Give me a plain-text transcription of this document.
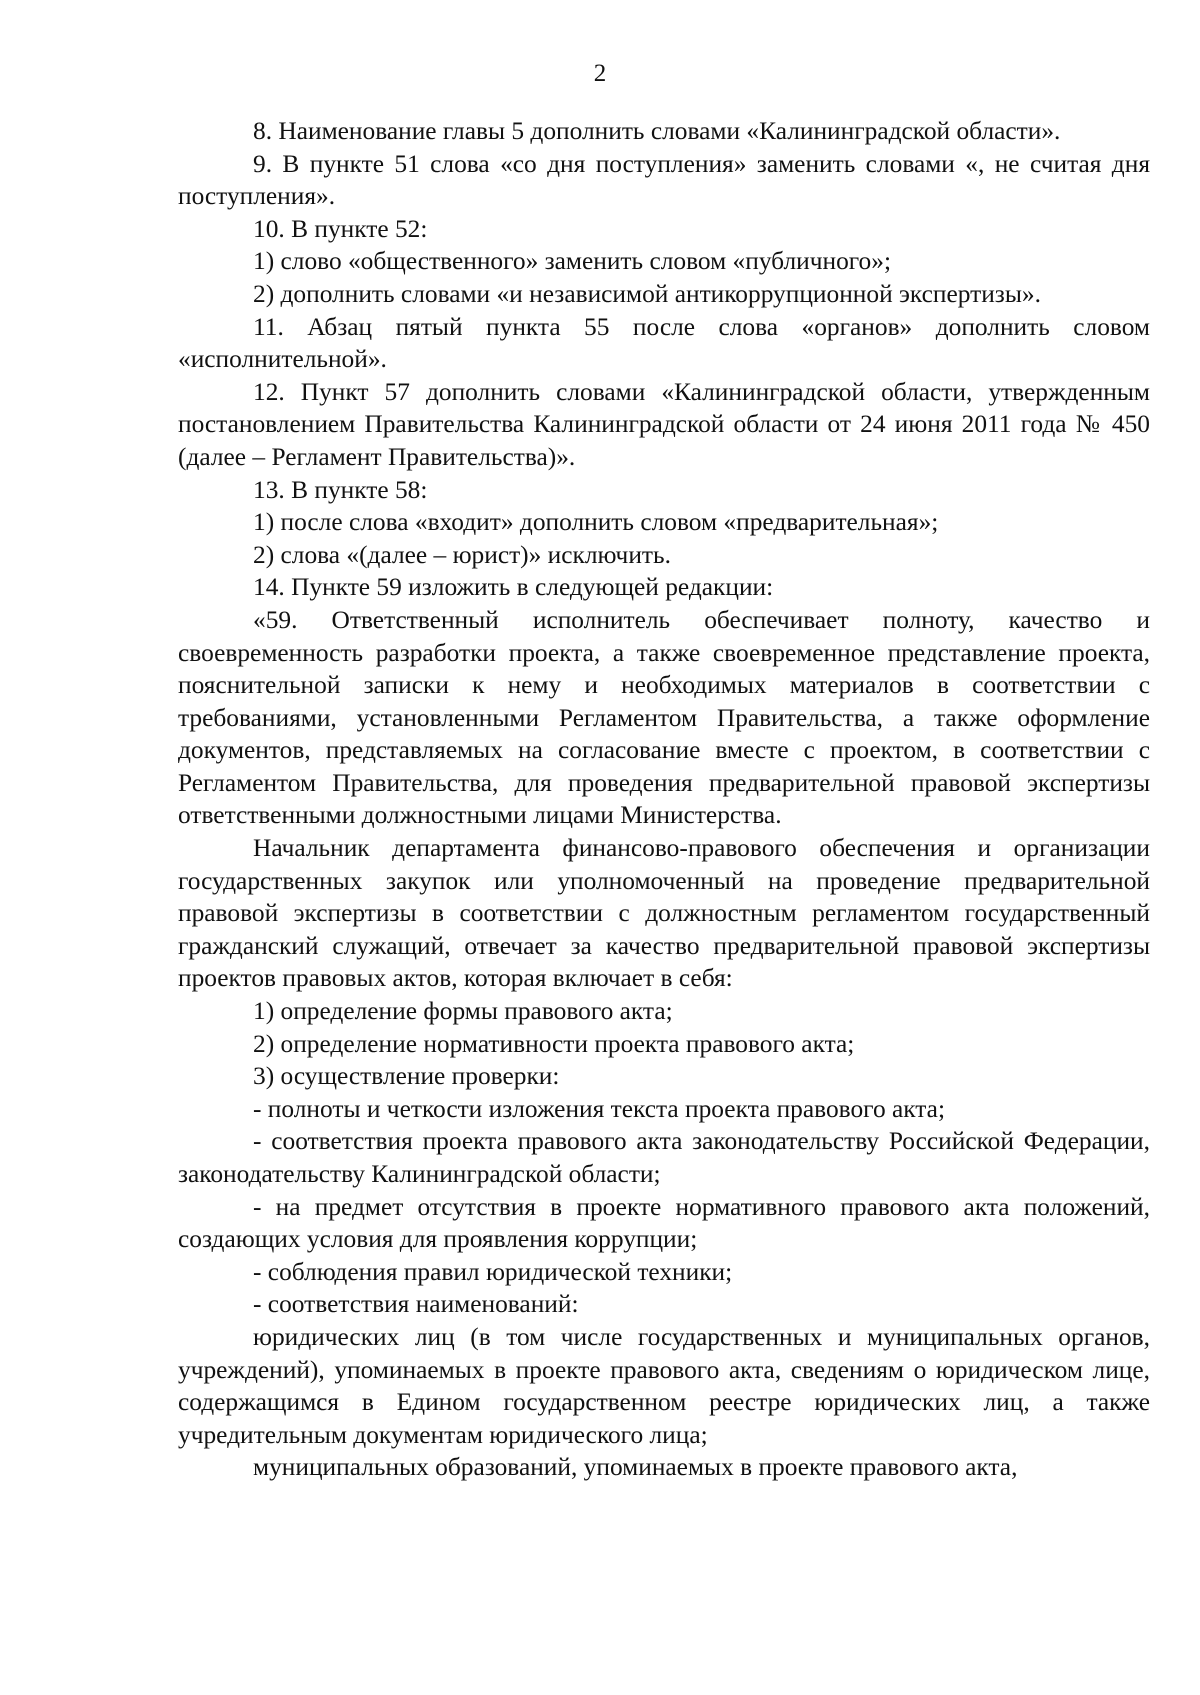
2

8. Наименование главы 5 дополнить словами «Калининградской области».

9. В пункте 51 слова «со дня поступления» заменить словами «, не считая дня поступления».

10. В пункте 52:

1) слово «общественного» заменить словом «публичного»;

2) дополнить словами «и независимой антикоррупционной экспертизы».

11. Абзац пятый пункта 55 после слова «органов» дополнить словом «исполнительной».

12. Пункт 57 дополнить словами «Калининградской области, утвержденным постановлением Правительства Калининградской области от 24 июня 2011 года № 450 (далее – Регламент Правительства)».

13. В пункте 58:

1) после слова «входит» дополнить словом «предварительная»;

2) слова «(далее – юрист)» исключить.

14. Пункте 59 изложить в следующей редакции:

«59. Ответственный исполнитель обеспечивает полноту, качество и своевременность разработки проекта, а также своевременное представление проекта, пояснительной записки к нему и необходимых материалов в соответствии с требованиями, установленными Регламентом Правительства, а также оформление документов, представляемых на согласование вместе с проектом, в соответствии с Регламентом Правительства, для проведения предварительной правовой экспертизы ответственными должностными лицами Министерства.

Начальник департамента финансово-правового обеспечения и организации государственных закупок или уполномоченный на проведение предварительной правовой экспертизы в соответствии с должностным регламентом государственный гражданский служащий, отвечает за качество предварительной правовой экспертизы проектов правовых актов, которая включает в себя:

1) определение формы правового акта;

2) определение нормативности проекта правового акта;

3) осуществление проверки:

- полноты и четкости изложения текста проекта правового акта;

- соответствия проекта правового акта законодательству Российской Федерации, законодательству Калининградской области;

- на предмет отсутствия в проекте нормативного правового акта положений, создающих условия для проявления коррупции;

- соблюдения правил юридической техники;

- соответствия наименований:

юридических лиц (в том числе государственных и муниципальных органов, учреждений), упоминаемых в проекте правового акта, сведениям о юридическом лице, содержащимся в Едином государственном реестре юридических лиц, а также учредительным документам юридического лица;

муниципальных образований, упоминаемых в проекте правового акта,
